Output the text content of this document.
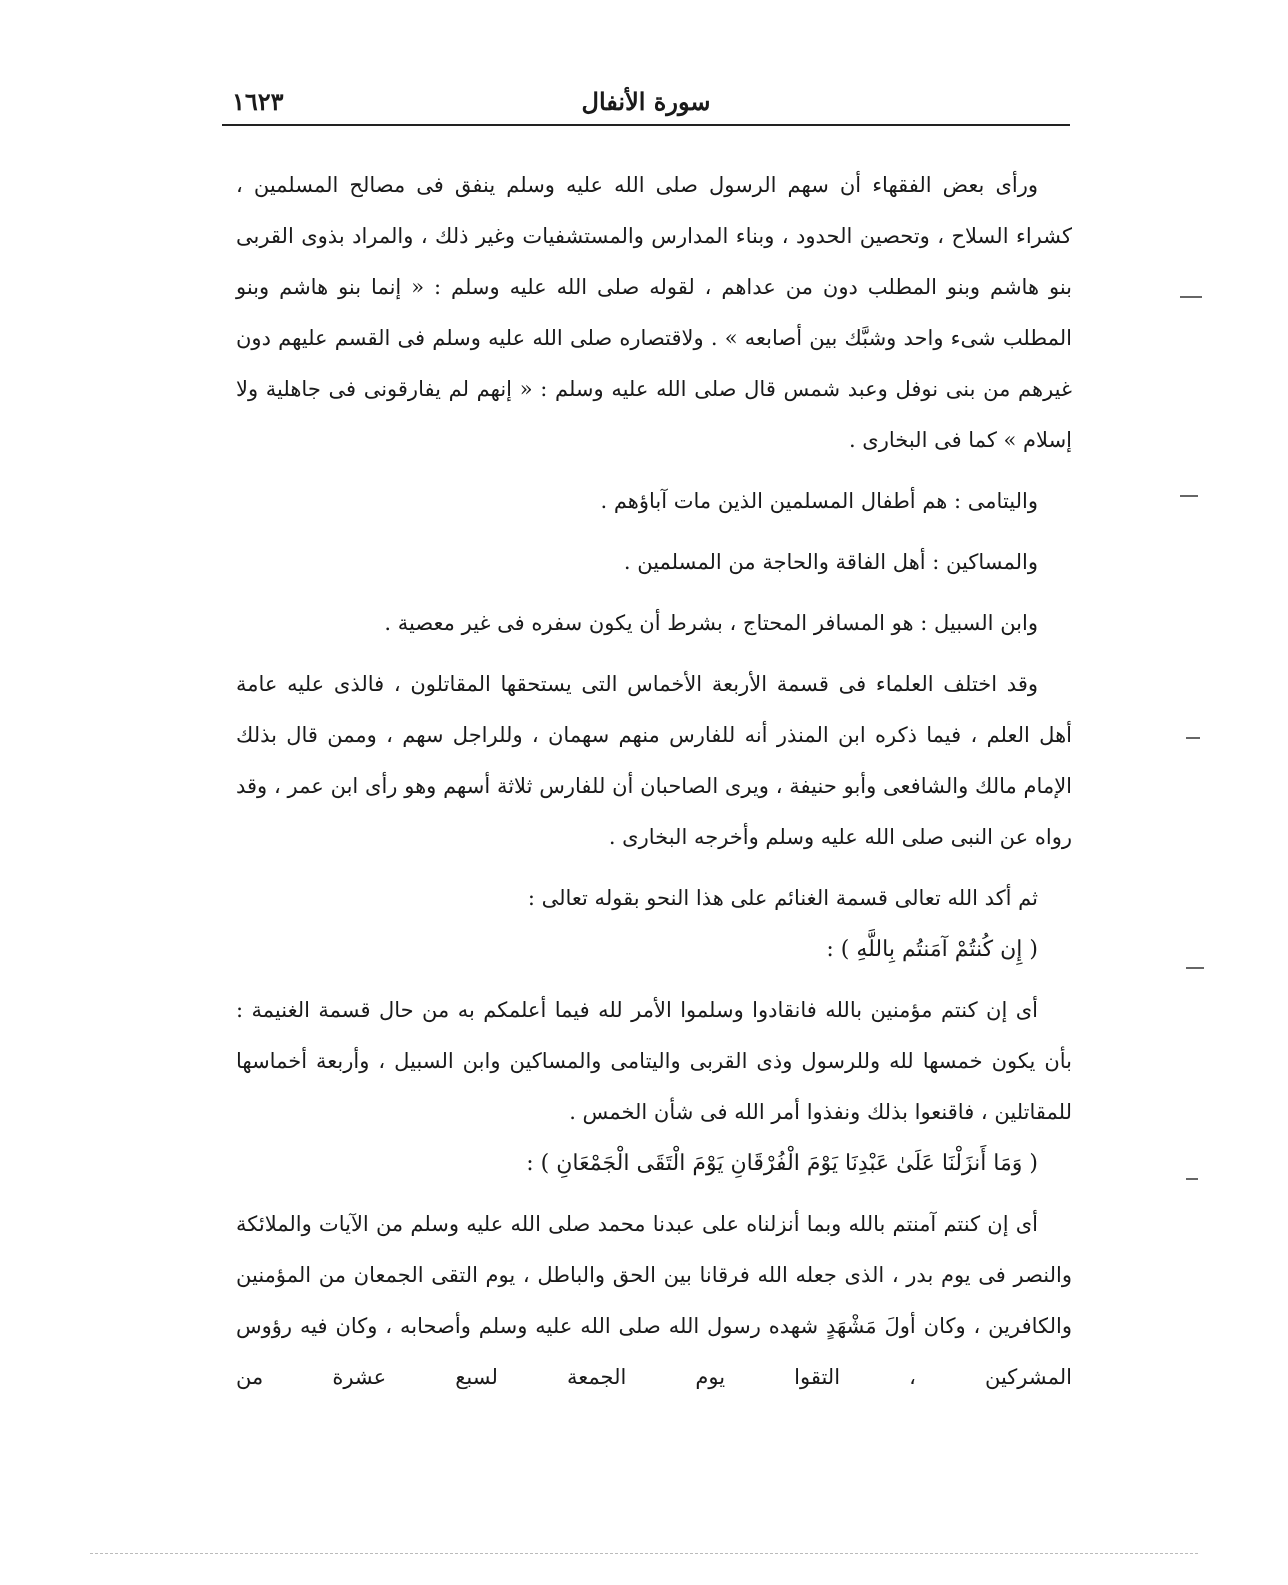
سورة الأنفال
١٦٢٣

ورأى بعض الفقهاء أن سهم الرسول صلى الله عليه وسلم ينفق فى مصالح المسلمين ، كشراء السلاح ، وتحصين الحدود ، وبناء المدارس والمستشفيات وغير ذلك ، والمراد بذوى القربى بنو هاشم وبنو المطلب دون من عداهم ، لقوله صلى الله عليه وسلم : « إنما بنو هاشم وبنو المطلب شىء واحد وشبَّك بين أصابعه » . ولاقتصاره صلى الله عليه وسلم فى القسم عليهم دون غيرهم من بنى نوفل وعبد شمس قال صلى الله عليه وسلم : « إنهم لم يفارقونى فى جاهلية ولا إسلام » كما فى البخارى .

واليتامى : هم أطفال المسلمين الذين مات آباؤهم .

والمساكين : أهل الفاقة والحاجة من المسلمين .

وابن السبيل : هو المسافر المحتاج ، بشرط أن يكون سفره فى غير معصية .

وقد اختلف العلماء فى قسمة الأربعة الأخماس التى يستحقها المقاتلون ، فالذى عليه عامة أهل العلم ، فيما ذكره ابن المنذر أنه للفارس منهم سهمان ، وللراجل سهم ، وممن قال بذلك الإمام مالك والشافعى وأبو حنيفة ، ويرى الصاحبان أن للفارس ثلاثة أسهم وهو رأى ابن عمر ، وقد رواه عن النبى صلى الله عليه وسلم وأخرجه البخارى .

ثم أكد الله تعالى قسمة الغنائم على هذا النحو بقوله تعالى :

( إِن كُنتُمْ آمَنتُم بِاللَّهِ ) :

أى إن كنتم مؤمنين بالله فانقادوا وسلموا الأمر لله فيما أعلمكم به من حال قسمة الغنيمة : بأن يكون خمسها لله وللرسول وذى القربى واليتامى والمساكين وابن السبيل ، وأربعة أخماسها للمقاتلين ، فاقنعوا بذلك ونفذوا أمر الله فى شأن الخمس .

( وَمَا أَنزَلْنَا عَلَىٰ عَبْدِنَا يَوْمَ الْفُرْقَانِ يَوْمَ الْتَقَى الْجَمْعَانِ ) :

أى إن كنتم آمنتم بالله وبما أنزلناه على عبدنا محمد صلى الله عليه وسلم من الآيات والملائكة والنصر فى يوم بدر ، الذى جعله الله فرقانا بين الحق والباطل ، يوم التقى الجمعان من المؤمنين والكافرين ، وكان أولَ مَشْهَدٍ شهده رسول الله صلى الله عليه وسلم وأصحابه ، وكان فيه رؤوس المشركين ، التقوا يوم الجمعة لسبع عشرة من
